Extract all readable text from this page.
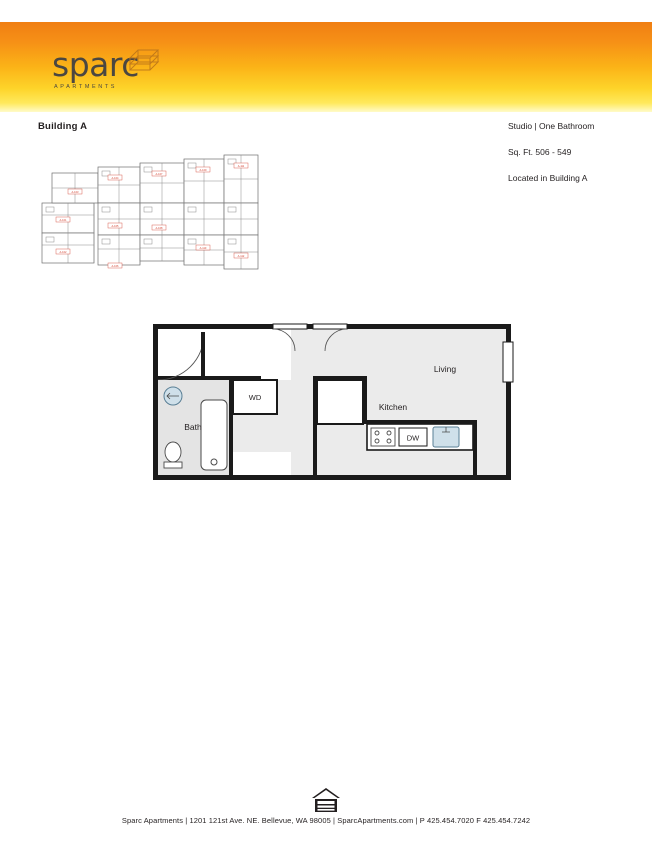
sparc
APARTMENTS
Building A	Studio | One Bathroom
Sq. Ft. 506 - 549
Located in Building A
A-101
A-102
A-103
A-104
A-105
A-106
A-107
A-108
A-109
A-110
A-111
A-112
WD
Bath
DW
Living
Kitchen
Sparc Apartments | 1201 121st Ave. NE. Bellevue, WA 98005 | SparcApartments.com | P 425.454.7020 F 425.454.7242
